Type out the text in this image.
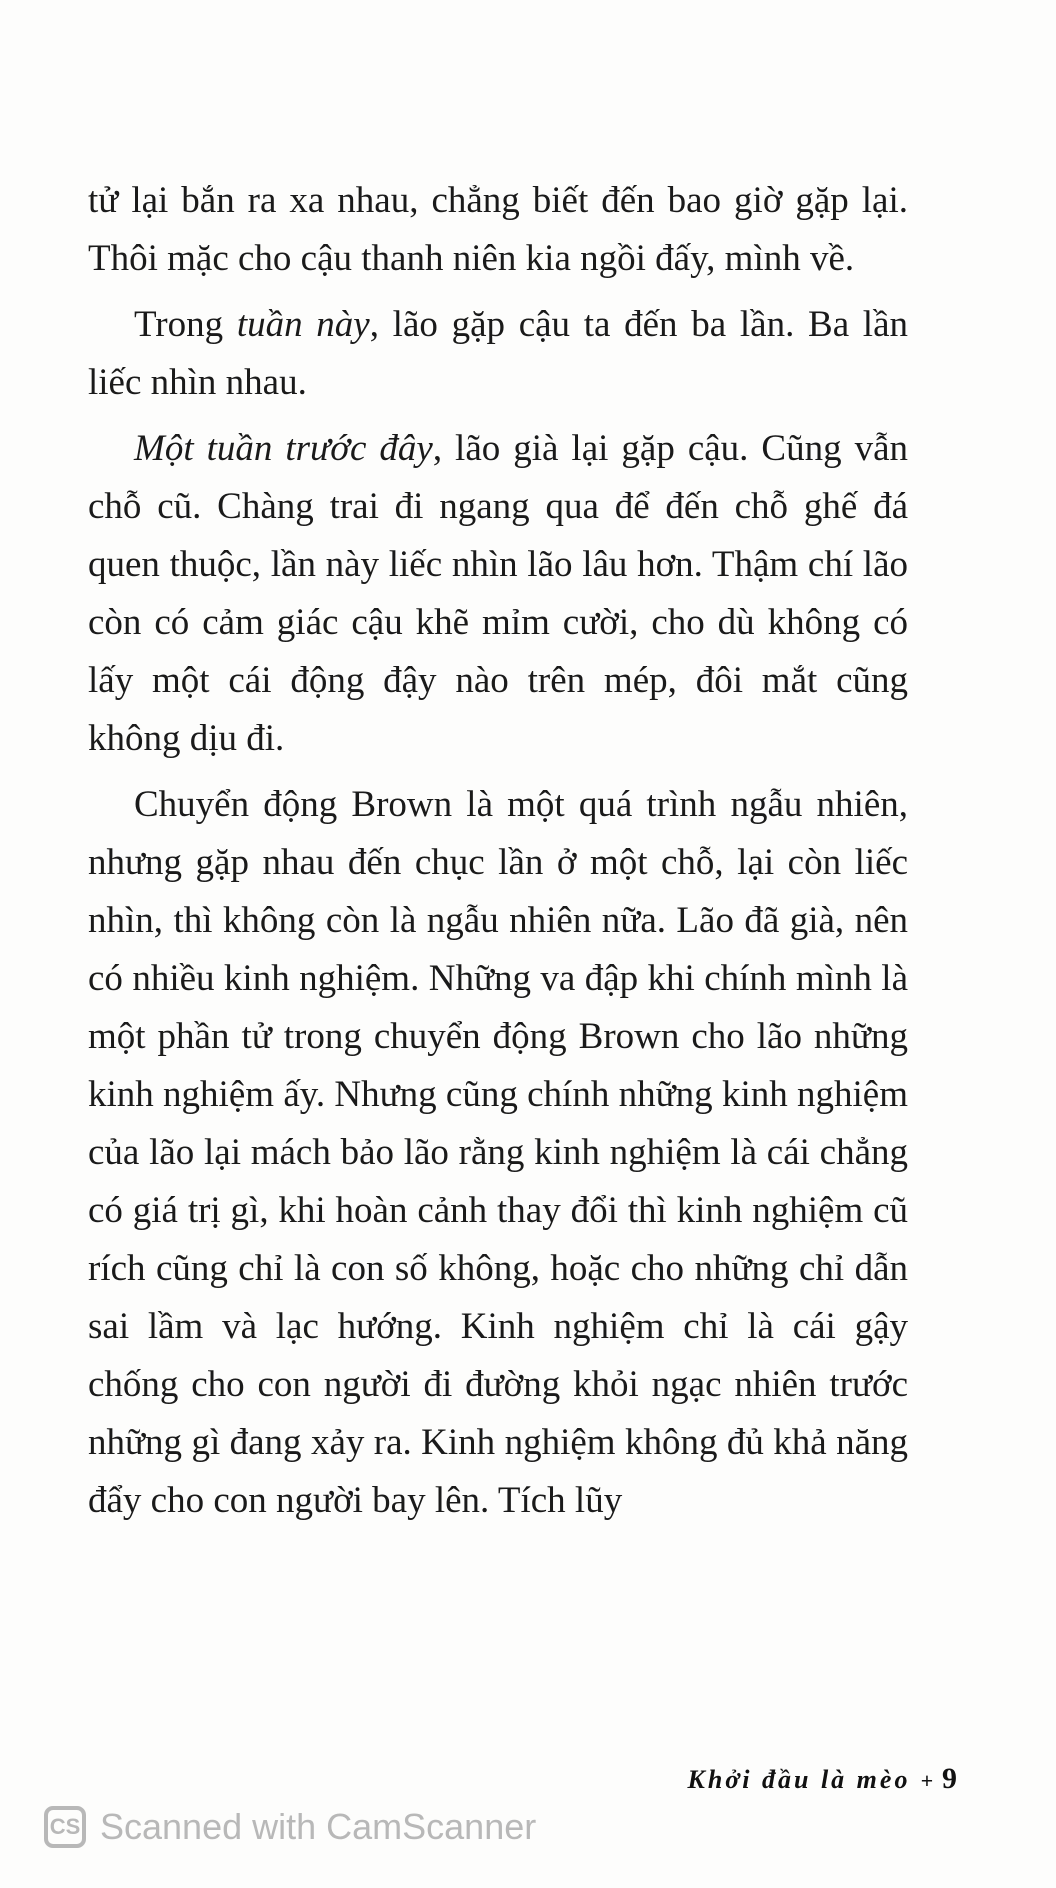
tử lại bắn ra xa nhau, chẳng biết đến bao giờ gặp lại. Thôi mặc cho cậu thanh niên kia ngồi đấy, mình về.

Trong tuần này, lão gặp cậu ta đến ba lần. Ba lần liếc nhìn nhau.

Một tuần trước đây, lão già lại gặp cậu. Cũng vẫn chỗ cũ. Chàng trai đi ngang qua để đến chỗ ghế đá quen thuộc, lần này liếc nhìn lão lâu hơn. Thậm chí lão còn có cảm giác cậu khẽ mỉm cười, cho dù không có lấy một cái động đậy nào trên mép, đôi mắt cũng không dịu đi.

Chuyển động Brown là một quá trình ngẫu nhiên, nhưng gặp nhau đến chục lần ở một chỗ, lại còn liếc nhìn, thì không còn là ngẫu nhiên nữa. Lão đã già, nên có nhiều kinh nghiệm. Những va đập khi chính mình là một phần tử trong chuyển động Brown cho lão những kinh nghiệm ấy. Nhưng cũng chính những kinh nghiệm của lão lại mách bảo lão rằng kinh nghiệm là cái chẳng có giá trị gì, khi hoàn cảnh thay đổi thì kinh nghiệm cũ rích cũng chỉ là con số không, hoặc cho những chỉ dẫn sai lầm và lạc hướng. Kinh nghiệm chỉ là cái gậy chống cho con người đi đường khỏi ngạc nhiên trước những gì đang xảy ra. Kinh nghiệm không đủ khả năng đẩy cho con người bay lên. Tích lũy

Khởi đầu là mèo + 9
CS Scanned with CamScanner
